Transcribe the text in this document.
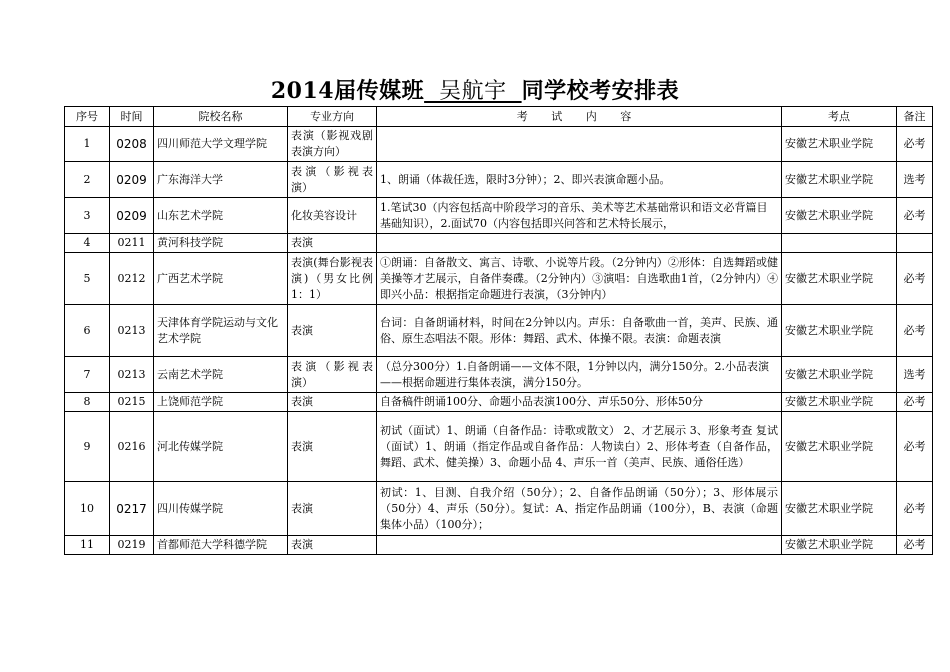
2014届传媒班  吴航宇  同学校考安排表
序号	时间	院校名称	专业方向	考 试 内 容	考点	备注
1	0208	四川师范大学文理学院	表演（影视戏剧表演方向）		安徽艺术职业学院	必考
2	0209	广东海洋大学	表演（影视表演）	1、朗诵（体裁任选，限时3分钟）；2、即兴表演命题小品。	安徽艺术职业学院	选考
3	0209	山东艺术学院	化妆美容设计	1.笔试30（内容包括高中阶段学习的音乐、美术等艺术基础常识和语文必背篇目基础知识），2.面试70（内容包括即兴问答和艺术特长展示，	安徽艺术职业学院	必考
4	0211	黄河科技学院	表演			
5	0212	广西艺术学院	表演(舞台影视表演)（男女比例1：1）	①朗诵：自备散文、寓言、诗歌、小说等片段。（2分钟内）②形体：自选舞蹈或健美操等才艺展示，自备伴奏碟。（2分钟内）③演唱：自选歌曲1首，（2分钟内）④即兴小品：根据指定命题进行表演，（3分钟内）	安徽艺术职业学院	必考
6	0213	天津体育学院运动与文化艺术学院	表演	台词：自备朗诵材料，时间在2分钟以内。声乐：自备歌曲一首，美声、民族、通俗、原生态唱法不限。形体：舞蹈、武术、体操不限。表演：命题表演	安徽艺术职业学院	必考
7	0213	云南艺术学院	表演（影视表演）	（总分300分）1.自备朗诵——文体不限，1分钟以内，满分150分。2.小品表演——根据命题进行集体表演，满分150分。	安徽艺术职业学院	选考
8	0215	上饶师范学院	表演	自备稿件朗诵100分、命题小品表演100分、声乐50分、形体50分	安徽艺术职业学院	必考
9	0216	河北传媒学院	表演	初试（面试）1、朗诵（自备作品：诗歌或散文） 2、才艺展示 3、形象考查 复试（面试）1、朗诵（指定作品或自备作品：人物读白）2、形体考查（自备作品，舞蹈、武术、健美操）3、命题小品 4、声乐一首（美声、民族、通俗任选）	安徽艺术职业学院	必考
10	0217	四川传媒学院	表演	初试：1、目测、自我介绍（50分）；2、自备作品朗诵（50分）；3、形体展示（50分）4、声乐（50分）。复试：A、指定作品朗诵（100分），B、表演（命题集体小品）（100分）；	安徽艺术职业学院	必考
11	0219	首都师范大学科德学院	表演		安徽艺术职业学院	必考
